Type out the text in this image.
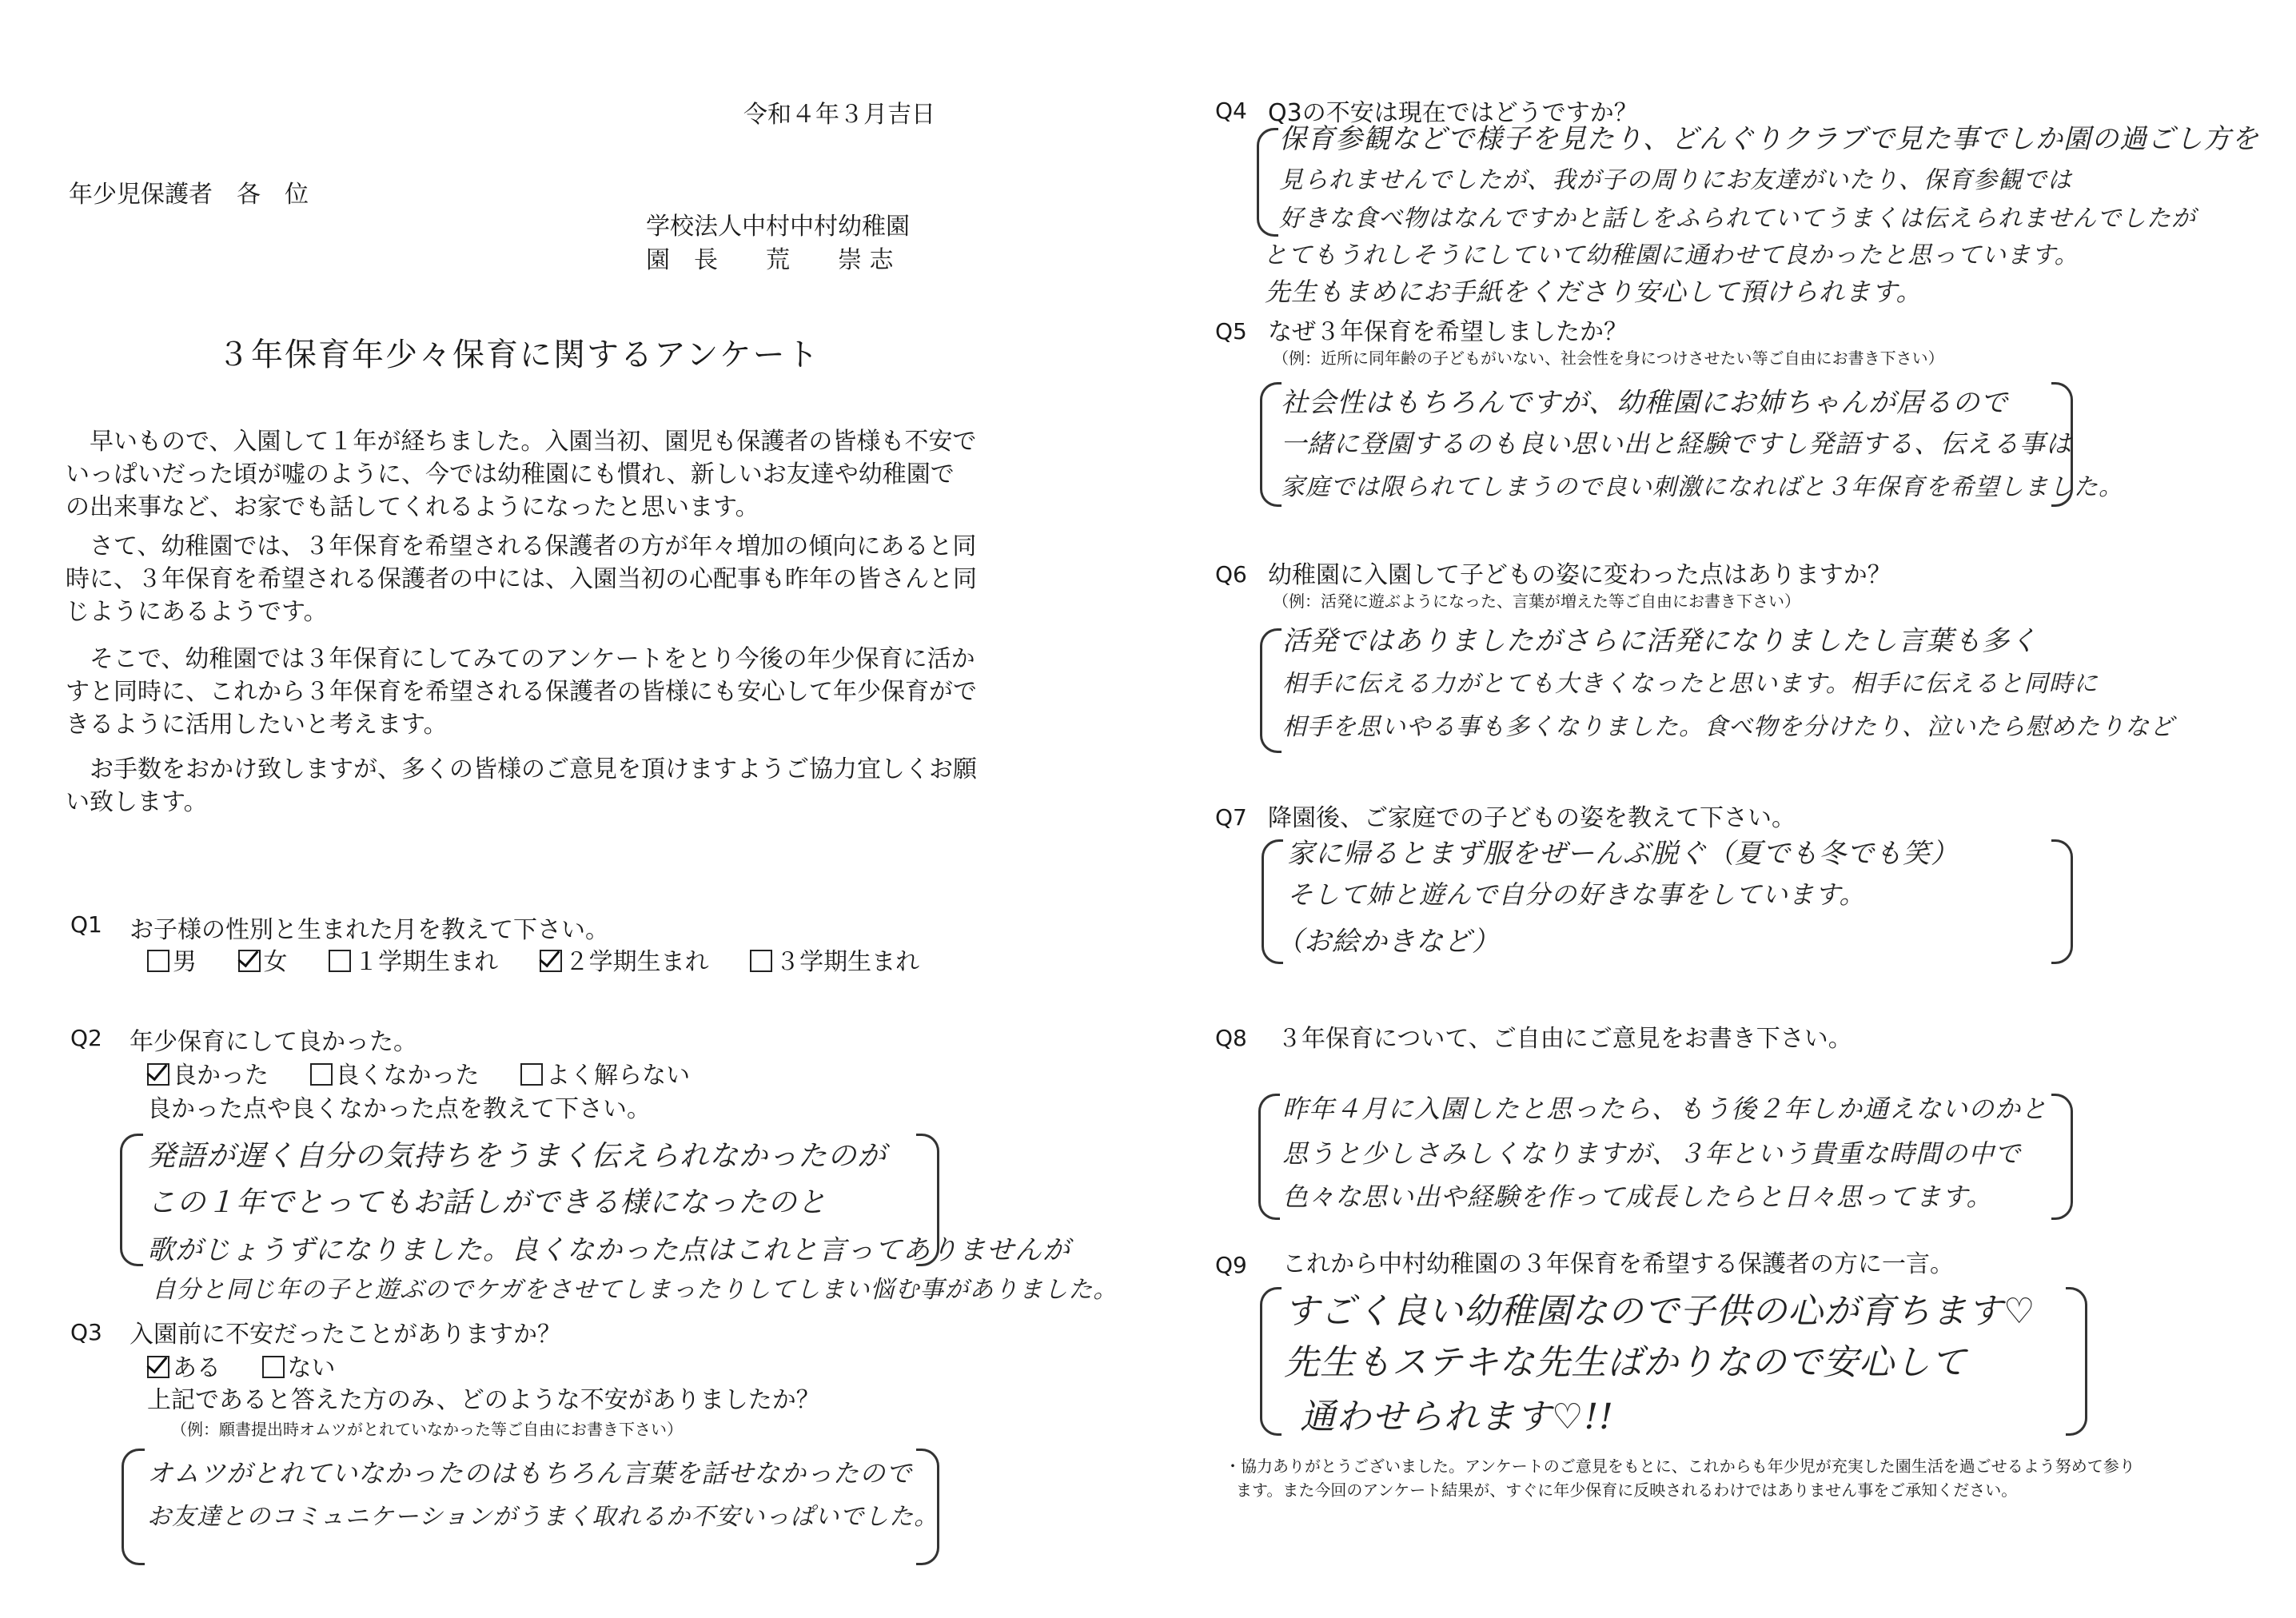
令和４年３月吉日
年少児保護者　各　位
学校法人中村中村幼稚園
園　長　　荒　　崇 志
３年保育年少々保育に関するアンケート
　早いもので、入園して１年が経ちました。入園当初、園児も保護者の皆様も不安でいっぱいだった頃が嘘のように、今では幼稚園にも慣れ、新しいお友達や幼稚園での出来事など、お家でも話してくれるようになったと思います。
　さて、幼稚園では、３年保育を希望される保護者の方が年々増加の傾向にあると同時に、３年保育を希望される保護者の中には、入園当初の心配事も昨年の皆さんと同じようにあるようです。
　そこで、幼稚園では３年保育にしてみてのアンケートをとり今後の年少保育に活かすと同時に、これから３年保育を希望される保護者の皆様にも安心して年少保育ができるように活用したいと考えます。
　お手数をおかけ致しますが、多くの皆様のご意見を頂けますようご協力宜しくお願い致します。
Q1 お子様の性別と生まれた月を教えて下さい。
男	女	１学期生まれ	２学期生まれ	３学期生まれ
Q2 年少保育にして良かった。
良かった	良くなかった	よく解らない
良かった点や良くなかった点を教えて下さい。
発語が遅く自分の気持ちをうまく伝えられなかったのが
この１年でとってもお話しができる様になったのと
歌がじょうずになりました。良くなかった点はこれと言ってありませんが
自分と同じ年の子と遊ぶのでケガをさせてしまったりしてしまい悩む事がありました。
Q3 入園前に不安だったことがありますか？
ある	ない
上記であると答えた方のみ、どのような不安がありましたか？
（例：願書提出時オムツがとれていなかった等ご自由にお書き下さい）
オムツがとれていなかったのはもちろん言葉を話せなかったので
お友達とのコミュニケーションがうまく取れるか不安いっぱいでした。
Q4 Q3の不安は現在ではどうですか？
保育参観などで様子を見たり、どんぐりクラブで見た事でしか園の過ごし方を
見られませんでしたが、我が子の周りにお友達がいたり、保育参観では
好きな食べ物はなんですかと話しをふられていてうまくは伝えられませんでしたが
とてもうれしそうにしていて幼稚園に通わせて良かったと思っています。
先生もまめにお手紙をくださり安心して預けられます。
Q5 なぜ３年保育を希望しましたか？
（例：近所に同年齢の子どもがいない、社会性を身につけさせたい等ご自由にお書き下さい）
社会性はもちろんですが、幼稚園にお姉ちゃんが居るので
一緒に登園するのも良い思い出と経験ですし発語する、伝える事は
家庭では限られてしまうので良い刺激になればと３年保育を希望しました。
Q6 幼稚園に入園して子どもの姿に変わった点はありますか？
（例：活発に遊ぶようになった、言葉が増えた等ご自由にお書き下さい）
活発ではありましたがさらに活発になりましたし言葉も多く
相手に伝える力がとても大きくなったと思います。相手に伝えると同時に
相手を思いやる事も多くなりました。食べ物を分けたり、泣いたら慰めたりなど
Q7 降園後、ご家庭での子どもの姿を教えて下さい。
家に帰るとまず服をぜーんぶ脱ぐ（夏でも冬でも笑）
そして姉と遊んで自分の好きな事をしています。
（お絵かきなど）
Q8 ３年保育について、ご自由にご意見をお書き下さい。
昨年４月に入園したと思ったら、もう後２年しか通えないのかと
思うと少しさみしくなりますが、３年という貴重な時間の中で
色々な思い出や経験を作って成長したらと日々思ってます。
Q9 これから中村幼稚園の３年保育を希望する保護者の方に一言。
すごく良い幼稚園なので子供の心が育ちます♡
先生もステキな先生ばかりなので安心して
通わせられます♡!!
・協力ありがとうございました。アンケートのご意見をもとに、これからも年少児が充実した園生活を過ごせるよう努めて参り
ます。また今回のアンケート結果が、すぐに年少保育に反映されるわけではありません事をご承知ください。
